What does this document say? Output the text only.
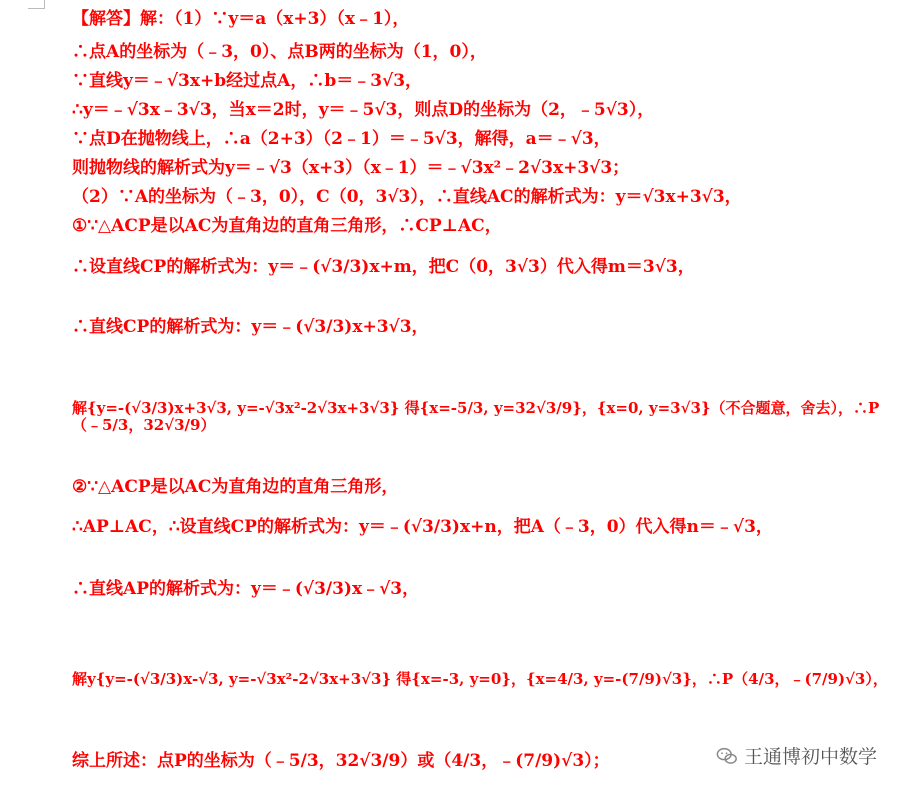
【解答】 解：（1）∵y＝a（x+3）（x﹣1），
∴点A的坐标为（﹣3，0）、点B两的坐标为（1，0），
∵直线y＝﹣√3x+b经过点A，∴b＝﹣3√3，
∴y＝﹣√3x﹣3√3，当x＝2时，y＝﹣5√3，则点D的坐标为（2，﹣5√3），
∵点D在抛物线上，∴a（2+3）（2﹣1）＝﹣5√3，解得，a＝﹣√3，
则抛物线的解析式为y＝﹣√3（x+3）（x﹣1）＝﹣√3x²﹣2√3x+3√3；
（2）∵A的坐标为（﹣3，0），C（0，3√3），∴直线AC的解析式为：y＝√3x+3√3，
①∵△ACP是以AC为直角边的直角三角形，∴CP⊥AC，
∴设直线CP的解析式为：y＝﹣(√3/3)x+m，把C（0，3√3）代入得m＝3√3，
∴直线CP的解析式为：y＝﹣(√3/3)x+3√3，
解{y=-(√3/3)x+3√3, y=-√3x²-2√3x+3√3} 得{x=-5/3, y=32√3/9}，{x=0, y=3√3}（不合题意，舍去），∴P（﹣5/3，32√3/9）
②∵△ACP是以AC为直角边的直角三角形，
∴AP⊥AC，∴设直线CP的解析式为：y＝﹣(√3/3)x+n，把A（﹣3，0）代入得n＝﹣√3，
∴直线AP的解析式为：y＝﹣(√3/3)x﹣√3，
解y{y=-(√3/3)x-√3, y=-√3x²-2√3x+3√3} 得{x=-3, y=0}，{x=4/3, y=-(7/9)√3}，∴P（4/3，﹣(7/9)√3），
综上所述：点P的坐标为（﹣5/3，32√3/9）或（4/3，﹣(7/9)√3）；	王通博初中数学
